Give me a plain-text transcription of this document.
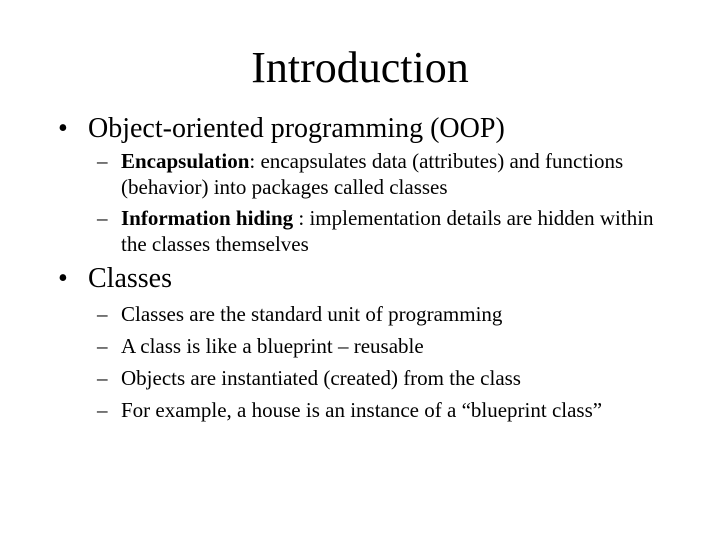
Introduction
• Object-oriented programming (OOP)
– Encapsulation: encapsulates data (attributes) and functions (behavior) into packages called classes
– Information hiding : implementation details are hidden within the classes themselves
• Classes
– Classes are the standard unit of programming
– A class is like a blueprint – reusable
– Objects are instantiated (created) from the class
– For example, a house is an instance of a “blueprint class”
